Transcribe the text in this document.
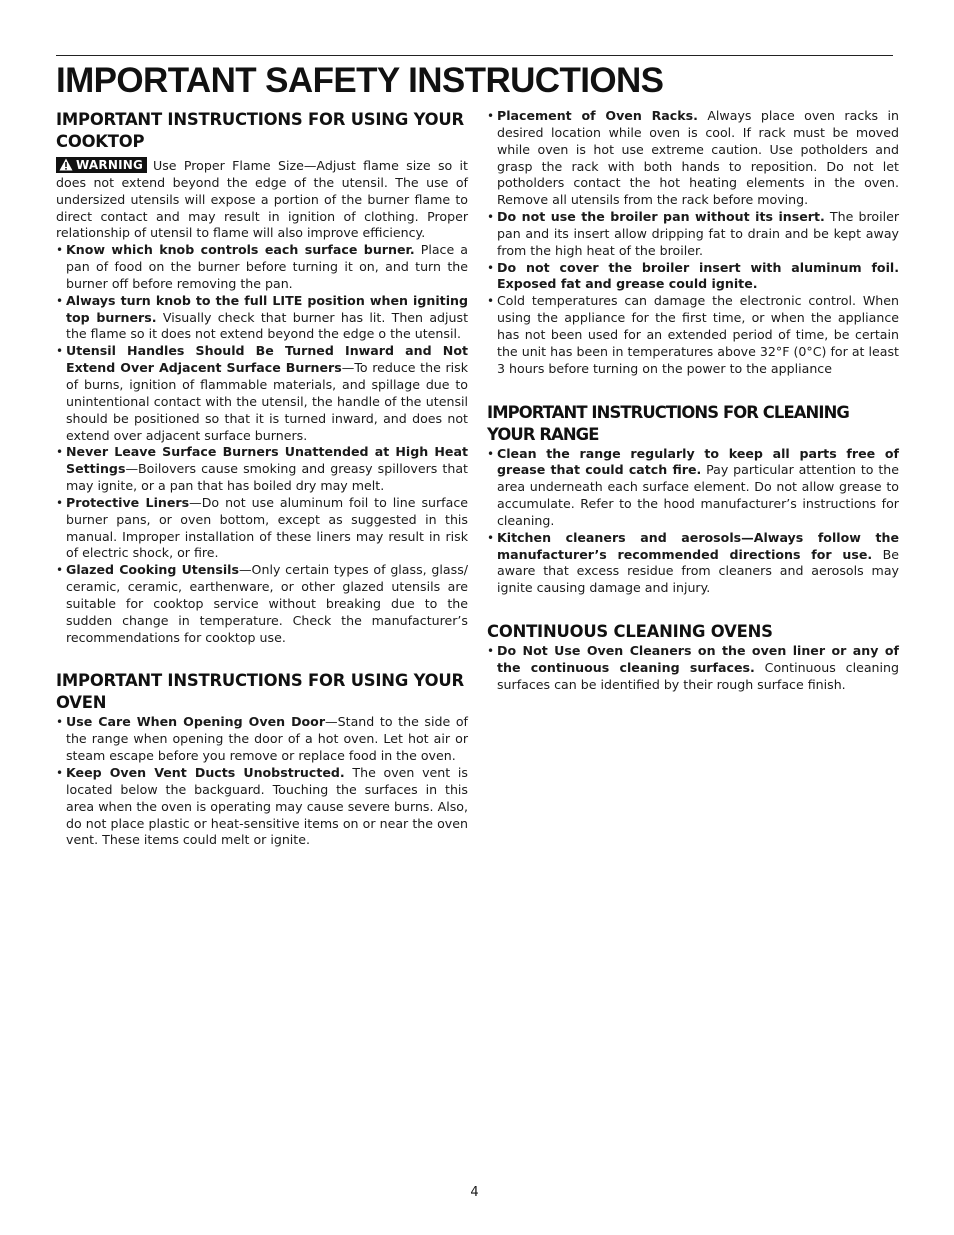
IMPORTANT SAFETY INSTRUCTIONS
IMPORTANT INSTRUCTIONS FOR USING YOUR COOKTOP

WARNING Use Proper Flame Size—Adjust flame size so it does not extend beyond the edge of the utensil. The use of undersized utensils will expose a portion of the burner flame to direct contact and may result in ignition of clothing. Proper relationship of utensil to flame will also improve efficiency.

• Know which knob controls each surface burner. Place a pan of food on the burner before turning it on, and turn the burner off before removing the pan.
• Always turn knob to the full LITE position when igniting top burners. Visually check that burner has lit. Then adjust the flame so it does not extend beyond the edge o the utensil.
• Utensil Handles Should Be Turned Inward and Not Extend Over Adjacent Surface Burners—To reduce the risk of burns, ignition of flammable materials, and spillage due to unintentional contact with the utensil, the handle of the utensil should be positioned so that it is turned inward, and does not extend over adjacent surface burners.
• Never Leave Surface Burners Unattended at High Heat Settings—Boilovers cause smoking and greasy spillovers that may ignite, or a pan that has boiled dry may melt.
• Protective Liners—Do not use aluminum foil to line surface burner pans, or oven bottom, except as suggested in this manual. Improper installation of these liners may result in risk of electric shock, or fire.
• Glazed Cooking Utensils—Only certain types of glass, glass/ ceramic, ceramic, earthenware, or other glazed utensils are suitable for cooktop service without breaking due to the sudden change in temperature. Check the manufacturer’s recommendations for cooktop use.
IMPORTANT INSTRUCTIONS FOR USING YOUR OVEN
• Use Care When Opening Oven Door—Stand to the side of the range when opening the door of a hot oven. Let hot air or steam escape before you remove or replace food in the oven.
• Keep Oven Vent Ducts Unobstructed. The oven vent is located below the backguard. Touching the surfaces in this area when the oven is operating may cause severe burns. Also, do not place plastic or heat-sensitive items on or near the oven vent. These items could melt or ignite.
• Placement of Oven Racks. Always place oven racks in desired location while oven is cool. If rack must be moved while oven is hot use extreme caution. Use potholders and grasp the rack with both hands to reposition. Do not let potholders contact the hot heating elements in the oven. Remove all utensils from the rack before moving.
• Do not use the broiler pan without its insert. The broiler pan and its insert allow dripping fat to drain and be kept away from the high heat of the broiler.
• Do not cover the broiler insert with aluminum foil. Exposed fat and grease could ignite.
• Cold temperatures can damage the electronic control. When using the appliance for the first time, or when the appliance has not been used for an extended period of time, be certain the unit has been in temperatures above 32°F (0°C) for at least 3 hours before turning on the power to the appliance
IMPORTANT INSTRUCTIONS FOR CLEANING YOUR RANGE
• Clean the range regularly to keep all parts free of grease that could catch fire. Pay particular attention to the area underneath each surface element. Do not allow grease to accumulate. Refer to the hood manufacturer’s instructions for cleaning.
• Kitchen cleaners and aerosols—Always follow the manufacturer’s recommended directions for use. Be aware that excess residue from cleaners and aerosols may ignite causing damage and injury.
CONTINUOUS CLEANING OVENS
• Do Not Use Oven Cleaners on the oven liner or any of the continuous cleaning surfaces. Continuous cleaning surfaces can be identified by their rough surface finish.
4
